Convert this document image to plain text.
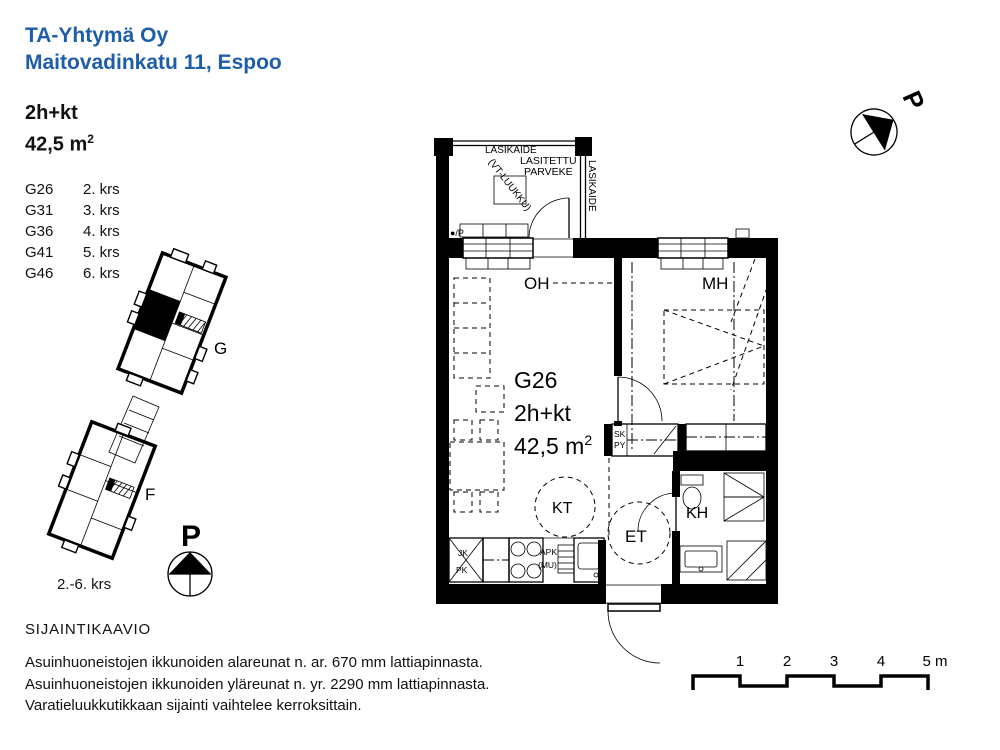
TA-Yhtymä Oy
Maitovadinkatu 11, Espoo
2h+kt
42,5 $m^2$
G26 2. krs
G31 3. krs
G36 4. krs
G41 5. krs
G46 6. krs
G
F
P
2.-6. krs
SIJAINTIKAAVIO
Asuinhuoneistojen ikkunoiden alareunat n. ar. 670 mm lattiapinnasta.
Asuinhuoneistojen ikkunoiden yläreunat n. yr. 2290 mm lattiapinnasta.
Varatieluukkutikkaan sijainti vaihtelee kerroksittain.
P
LASIKAIDE
LASITETTU
PARVEKE LASIKAIDE
(VT-LUUKKU)
●/P
OH
G26
2h+kt
42,5 $m^2$
KT
JK
PK
APK
(MU)
MH
SK
PY
ET
KH
1	2	3	4 5 m
